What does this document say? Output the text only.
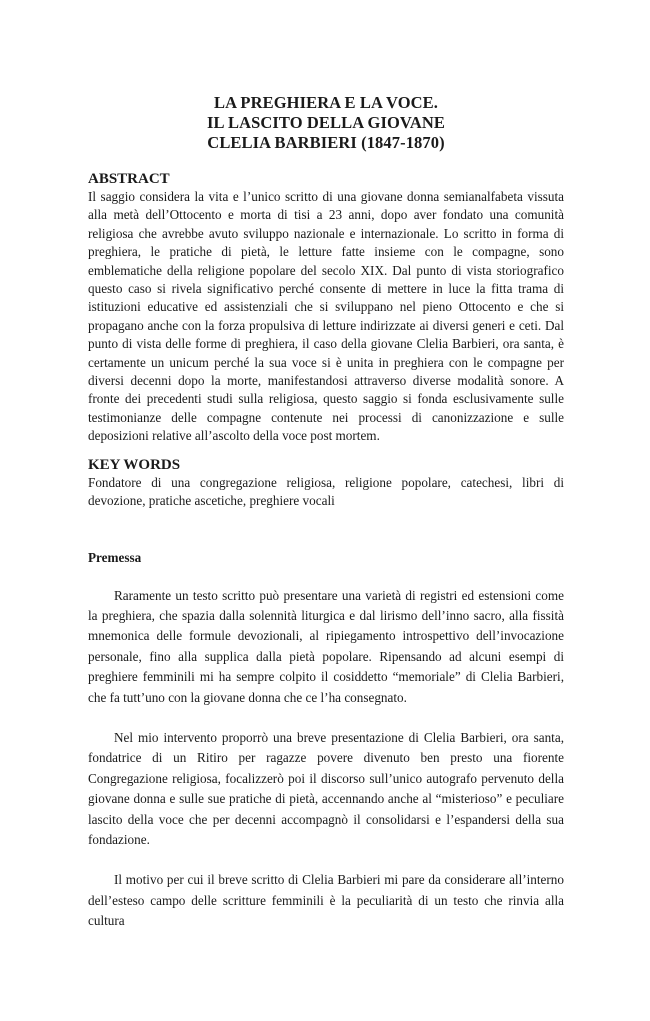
LA PREGHIERA E LA VOCE.
IL LASCITO DELLA GIOVANE
CLELIA BARBIERI (1847-1870)
ABSTRACT

Il saggio considera la vita e l’unico scritto di una giovane donna semianalfabeta vissuta alla metà dell’Ottocento e morta di tisi a 23 anni, dopo aver fondato una comunità religiosa che avrebbe avuto sviluppo nazionale e internazionale. Lo scritto in forma di preghiera, le pratiche di pietà, le letture fatte insieme con le compagne, sono emblematiche della religione popolare del secolo XIX. Dal punto di vista storiografico questo caso si rivela significativo perché consente di mettere in luce la fitta trama di istituzioni educative ed assistenziali che si sviluppano nel pieno Ottocento e che si propagano anche con la forza propulsiva di letture indirizzate ai diversi generi e ceti. Dal punto di vista delle forme di preghiera, il caso della giovane Clelia Barbieri, ora santa, è certamente un unicum perché la sua voce si è unita in preghiera con le compagne per diversi decenni dopo la morte, manifestandosi attraverso diverse modalità sonore. A fronte dei precedenti studi sulla religiosa, questo saggio si fonda esclusivamente sulle testimonianze delle compagne contenute nei processi di canonizzazione e sulle deposizioni relative all’ascolto della voce post mortem.

KEY WORDS

Fondatore di una congregazione religiosa, religione popolare, catechesi, libri di devozione, pratiche ascetiche, preghiere vocali

Premessa

Raramente un testo scritto può presentare una varietà di registri ed estensioni come la preghiera, che spazia dalla solennità liturgica e dal lirismo dell’inno sacro, alla fissità mnemonica delle formule devozionali, al ripiegamento introspettivo dell’invocazione personale, fino alla supplica dalla pietà popolare. Ripensando ad alcuni esempi di preghiere femminili mi ha sempre colpito il cosiddetto “memoriale” di Clelia Barbieri, che fa tutt’uno con la giovane donna che ce l’ha consegnato.

Nel mio intervento proporrò una breve presentazione di Clelia Barbieri, ora santa, fondatrice di un Ritiro per ragazze povere divenuto ben presto una fiorente Congregazione religiosa, focalizzerò poi il discorso sull’unico autografo pervenuto della giovane donna e sulle sue pratiche di pietà, accennando anche al “misterioso” e peculiare lascito della voce che per decenni accompagnò il consolidarsi e l’espandersi della sua fondazione.

Il motivo per cui il breve scritto di Clelia Barbieri mi pare da considerare all’interno dell’esteso campo delle scritture femminili è la peculiarità di un testo che rinvia alla cultura
